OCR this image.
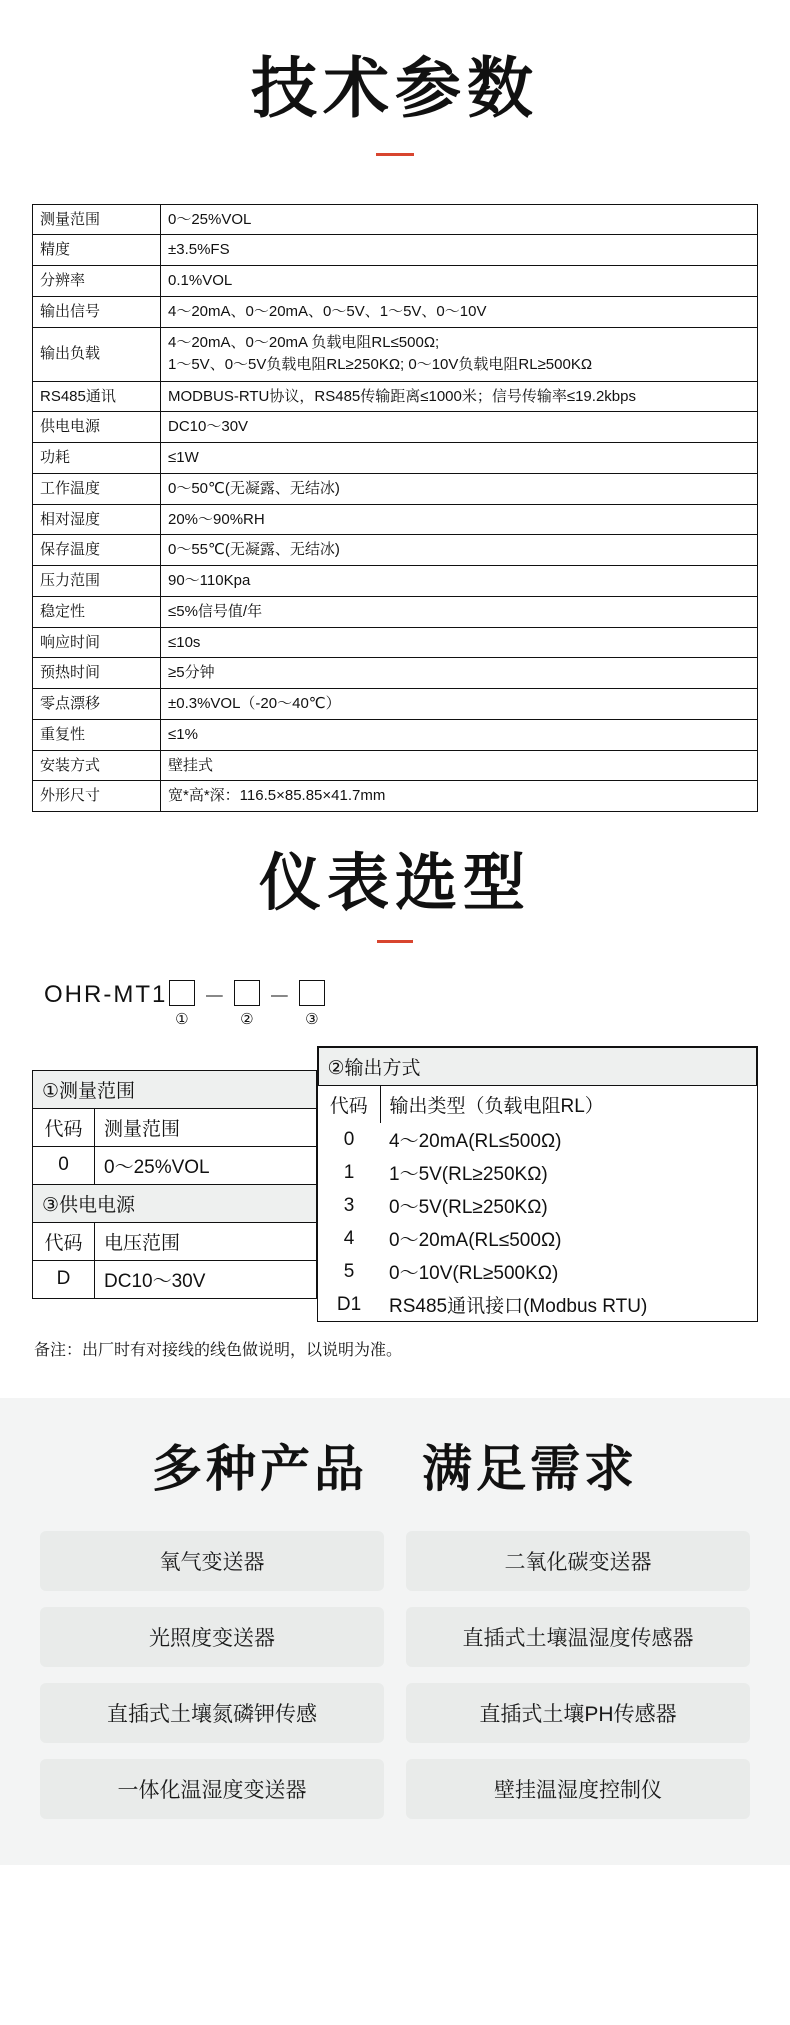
技术参数
测量范围	0～25%VOL
精度	±3.5%FS
分辨率	0.1%VOL
输出信号	4～20mA、0～20mA、0～5V、1～5V、0～10V
输出负载	4～20mA、0～20mA 负载电阻RL≤500Ω;
1～5V、0～5V负载电阻RL≥250KΩ; 0～10V负载电阻RL≥500KΩ

RS485通讯	MODBUS-RTU协议，RS485传输距离≤1000米；信号传输率≤19.2kbps
供电电源	DC10～30V
功耗	≤1W
工作温度	0～50℃(无凝露、无结冰)
相对湿度	20%～90%RH
保存温度	0～55℃(无凝露、无结冰)
压力范围	90～110Kpa
稳定性	≤5%信号值/年
响应时间	≤10s
预热时间	≥5分钟
零点漂移	±0.3%VOL（-20～40℃）
重复性	≤1%
安装方式	壁挂式
外形尺寸	宽*高*深：116.5×85.85×41.7mm
仪表选型
OHR-MT1
①
－
②
－
③
①测量范围
代码	测量范围
0	0～25%VOL
③供电电源
代码	电压范围
D	DC10～30V

②输出方式
代码	输出类型（负载电阻RL）
0	4～20mA(RL≤500Ω)
1	1～5V(RL≥250KΩ)
3	0～5V(RL≥250KΩ)
4	0～20mA(RL≤500Ω)
5	0～10V(RL≥500KΩ)
D1	RS485通讯接口(Modbus RTU)
备注：出厂时有对接线的线色做说明，以说明为准。
多种产品　满足需求
氧气变送器	二氧化碳变送器
光照度变送器	直插式土壤温湿度传感器
直插式土壤氮磷钾传感	直插式土壤PH传感器
一体化温湿度变送器	壁挂温湿度控制仪
